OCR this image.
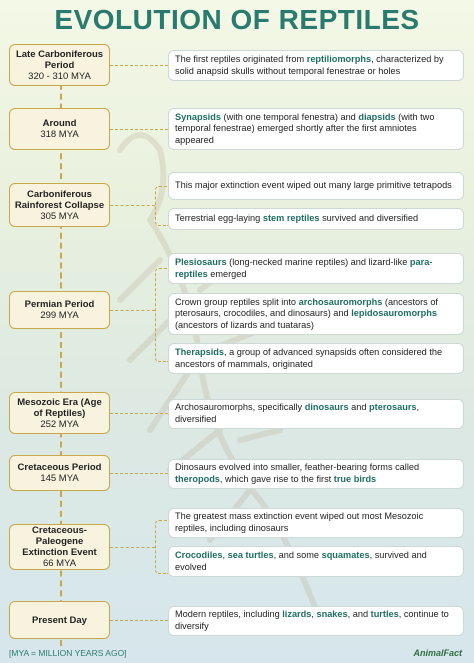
EVOLUTION OF REPTILES
Late Carboniferous Period
320 - 310 MYA
Around
318 MYA
Carboniferous Rainforest Collapse
305 MYA
Permian Period
299 MYA
Mesozoic Era (Age of Reptiles)
252 MYA
Cretaceous Period
145 MYA
Cretaceous-Paleogene Extinction Event
66 MYA
Present Day
The first reptiles originated from reptiliomorphs, characterized by solid anapsid skulls without temporal fenestrae or holes
Synapsids (with one temporal fenestra) and diapsids (with two temporal fenestrae) emerged shortly after the first amniotes appeared
This major extinction event wiped out many large primitive tetrapods
Terrestrial egg-laying stem reptiles survived and diversified
Plesiosaurs (long-necked marine reptiles) and lizard-like para-reptiles emerged
Crown group reptiles split into archosauromorphs (ancestors of pterosaurs, crocodiles, and dinosaurs) and lepidosauromorphs (ancestors of lizards and tuataras)
Therapsids, a group of advanced synapsids often considered the ancestors of mammals, originated
Archosauromorphs, specifically dinosaurs and pterosaurs, diversified
Dinosaurs evolved into smaller, feather-bearing forms called theropods, which gave rise to the first true birds
The greatest mass extinction event wiped out most Mesozoic reptiles, including dinosaurs
Crocodiles, sea turtles, and some squamates, survived and evolved
Modern reptiles, including lizards, snakes, and turtles, continue to diversify
[MYA = MILLION YEARS AGO]	AnimalFact
